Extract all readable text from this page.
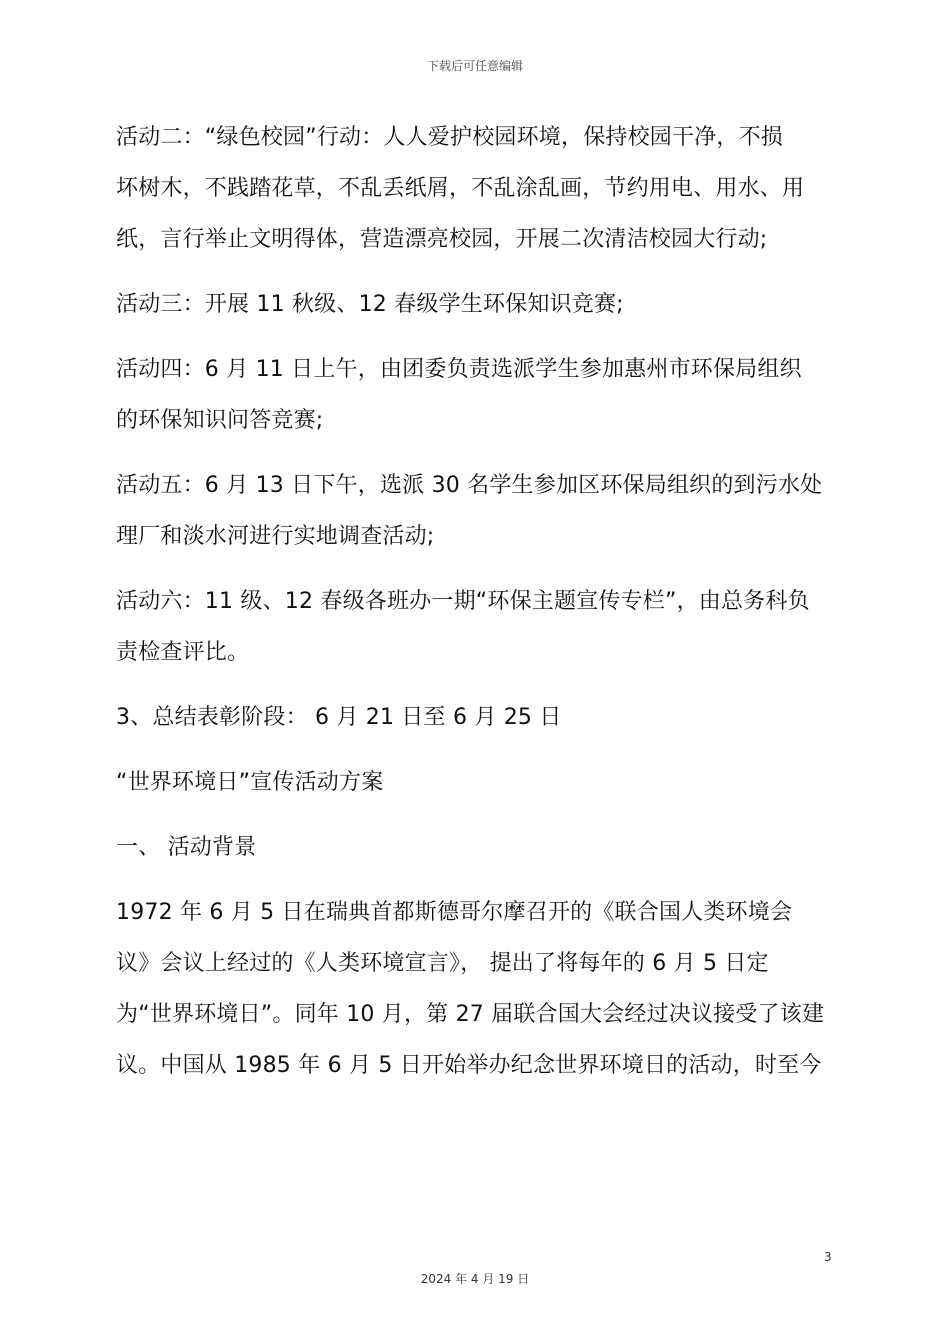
下载后可任意编辑
活动二：“绿色校园”行动：人人爱护校园环境，保持校园干净，不损
坏树木，不践踏花草，不乱丢纸屑，不乱涂乱画，节约用电、用水、用
纸，言行举止文明得体，营造漂亮校园，开展二次清洁校园大行动;
活动三：开展 11 秋级、12 春级学生环保知识竞赛;
活动四：6 月 11 日上午，由团委负责选派学生参加惠州市环保局组织
的环保知识问答竞赛;
活动五：6 月 13 日下午，选派 30 名学生参加区环保局组织的到污水处
理厂和淡水河进行实地调查活动;
活动六：11 级、12 春级各班办一期“环保主题宣传专栏”，由总务科负
责检查评比。
3、总结表彰阶段： 6 月 21 日至 6 月 25 日
“世界环境日”宣传活动方案
一、 活动背景
1972 年 6 月 5 日在瑞典首都斯德哥尔摩召开的《联合国人类环境会
议》会议上经过的《人类环境宣言》， 提出了将每年的 6 月 5 日定
为“世界环境日”。同年 10 月，第 27 届联合国大会经过决议接受了该建
议。中国从 1985 年 6 月 5 日开始举办纪念世界环境日的活动，时至今
3
2024 年 4 月 19 日
